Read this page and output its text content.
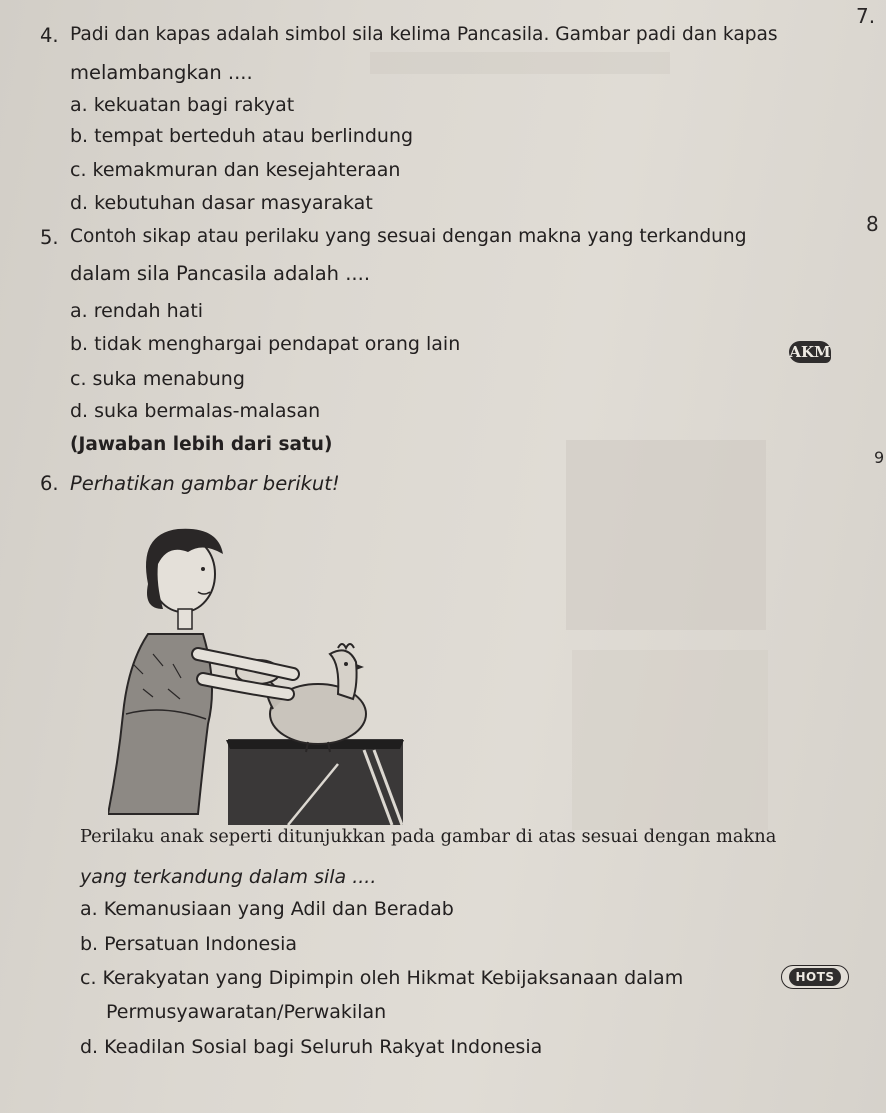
7.
8
9
4. Padi dan kapas adalah simbol sila kelima Pancasila. Gambar padi dan kapas
melambangkan ....
a. kekuatan bagi rakyat
b. tempat berteduh atau berlindung
c. kemakmuran dan kesejahteraan
d. kebutuhan dasar masyarakat
5. Contoh sikap atau perilaku yang sesuai dengan makna yang terkandung
dalam sila Pancasila adalah ....
a. rendah hati
b. tidak menghargai pendapat orang lain
c. suka menabung
d. suka bermalas-malasan
(Jawaban lebih dari satu)
AKM
6. Perhatikan gambar berikut!
Perilaku anak seperti ditunjukkan pada gambar di atas sesuai dengan makna
yang terkandung dalam sila ....
a. Kemanusiaan yang Adil dan Beradab
b. Persatuan Indonesia
c. Kerakyatan yang Dipimpin oleh Hikmat Kebijaksanaan dalam
Permusyawaratan/Perwakilan
d. Keadilan Sosial bagi Seluruh Rakyat Indonesia
HOTS
